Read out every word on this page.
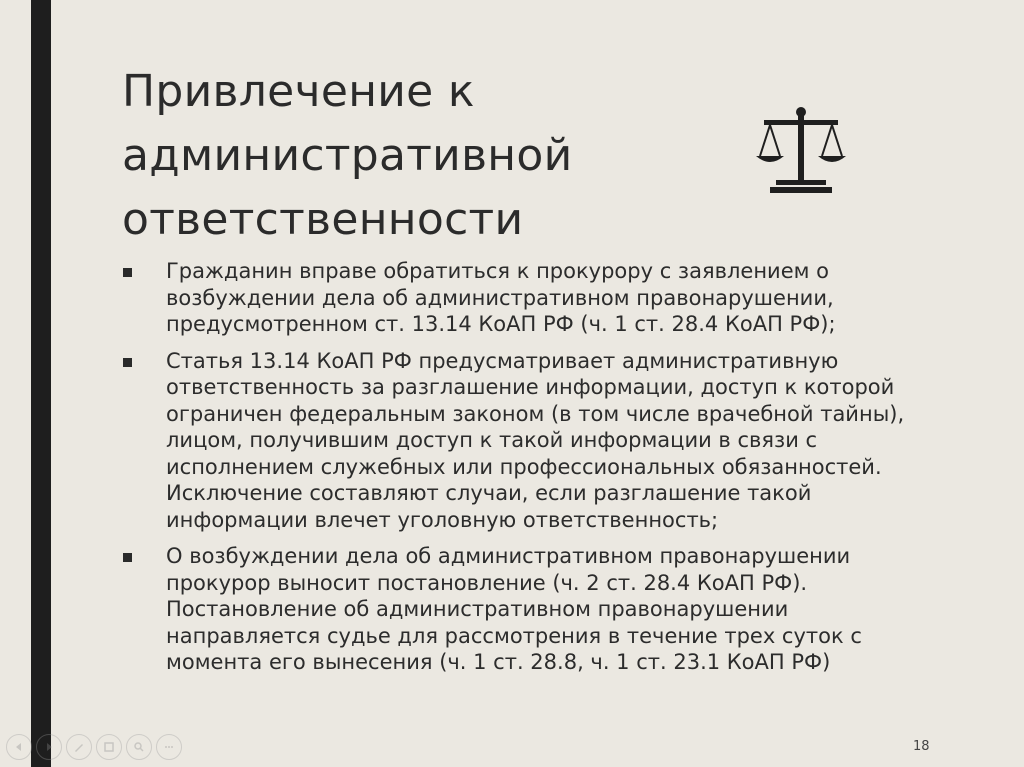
Привлечение к
административной
ответственности
Гражданин вправе обратиться к прокурору с заявлением о
возбуждении дела об административном правонарушении,
предусмотренном ст. 13.14 КоАП РФ (ч. 1 ст. 28.4 КоАП РФ);
Статья 13.14 КоАП РФ предусматривает административную
ответственность за разглашение информации, доступ к которой
ограничен федеральным законом (в том числе врачебной тайны),
лицом, получившим доступ к такой информации в связи с
исполнением служебных или профессиональных обязанностей.
Исключение составляют случаи, если разглашение такой
информации влечет уголовную ответственность;
О возбуждении дела об административном правонарушении
прокурор выносит постановление (ч. 2 ст. 28.4 КоАП РФ).
Постановление об административном правонарушении
направляется судье для рассмотрения в течение трех суток с
момента его вынесения (ч. 1 ст. 28.8, ч. 1 ст. 23.1 КоАП РФ)
18
